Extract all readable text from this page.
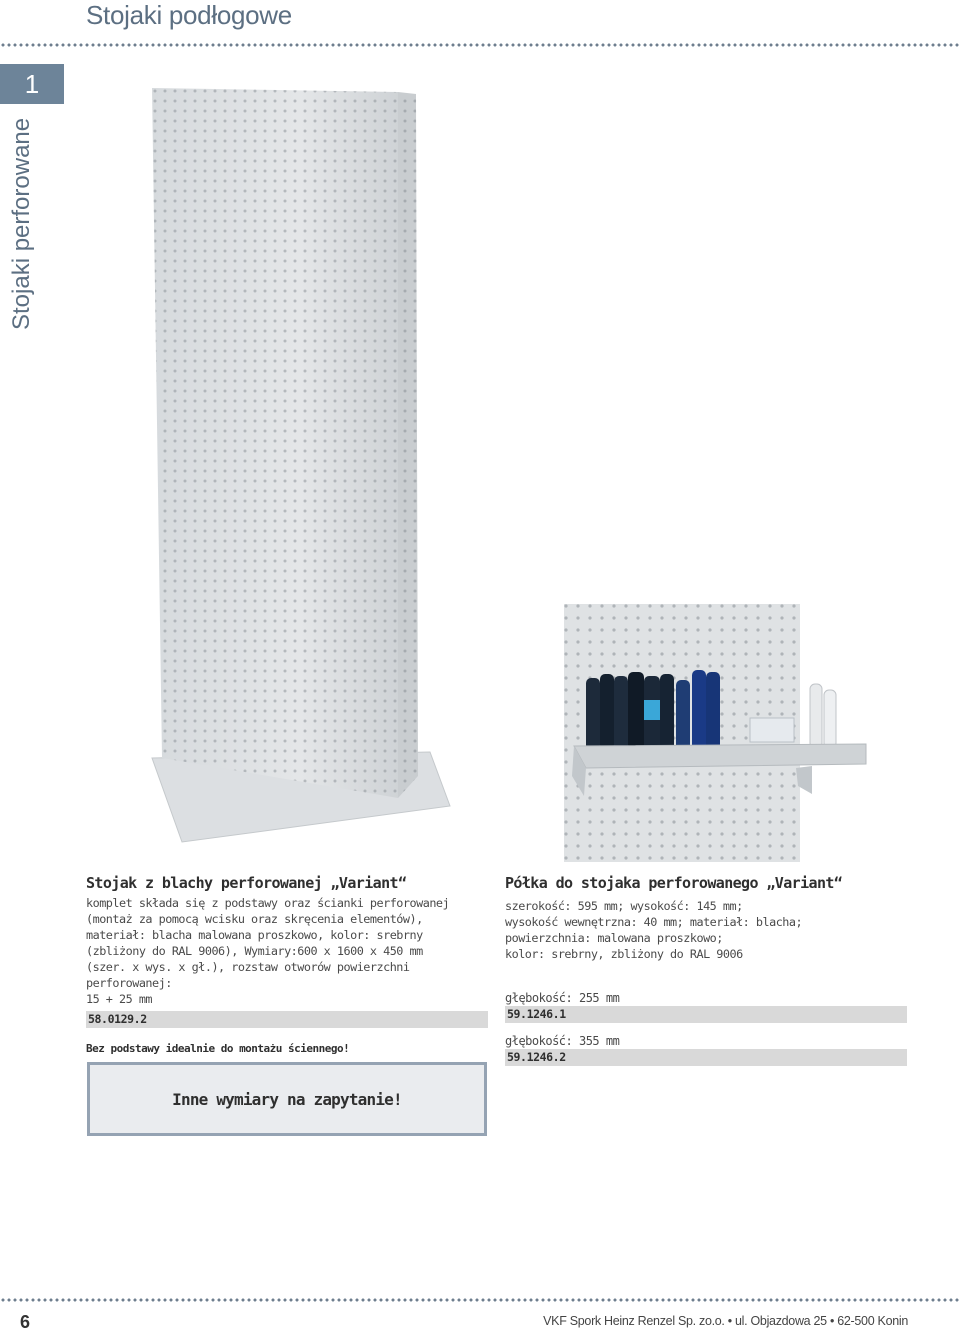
Stojaki podłogowe
1
Stojaki perforowane
Stojak z blachy perforowanej „Variant“
komplet składa się z podstawy oraz ścianki perforowanej
(montaż za pomocą wcisku oraz skręcenia elementów),
materiał: blacha malowana proszkowo, kolor: srebrny
(zbliżony do RAL 9006), Wymiary:600 x 1600 x 450 mm
(szer. x wys. x gł.), rozstaw otworów powierzchni perforowanej:
15 + 25 mm
58.0129.2
Bez podstawy idealnie do montażu ściennego!
Półka do stojaka perforowanego „Variant“
szerokość: 595 mm; wysokość: 145 mm;
wysokość wewnętrzna: 40 mm; materiał: blacha;
powierzchnia: malowana proszkowo;
kolor: srebrny, zbliżony do RAL 9006
głębokość: 255 mm
59.1246.1
głębokość: 355 mm
59.1246.2
Inne wymiary na zapytanie!
6	VKF Spork Heinz Renzel Sp. zo.o. • ul. Objazdowa 25 • 62-500 Konin
